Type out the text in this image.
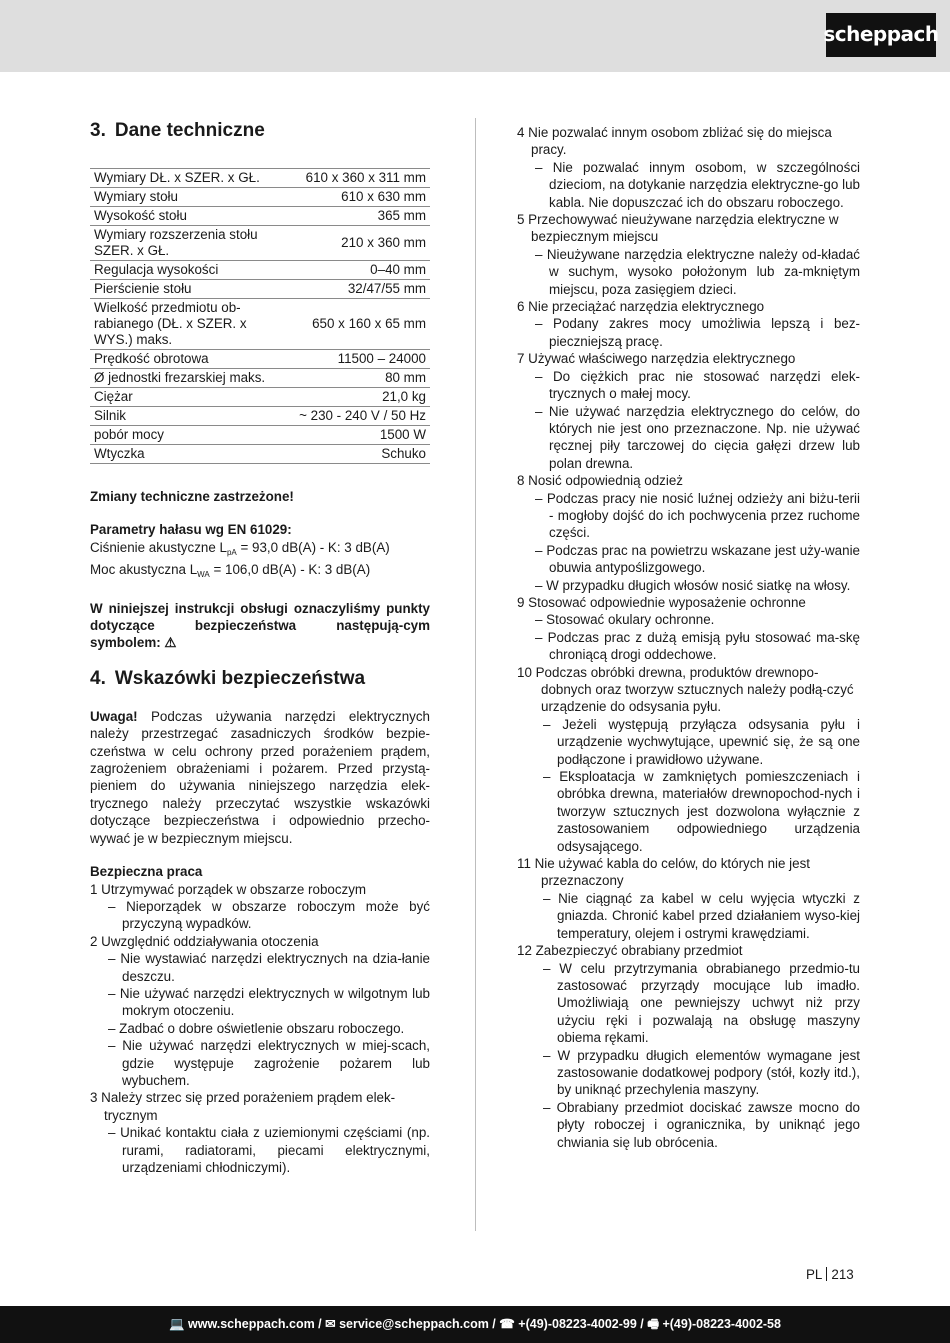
scheppach
3. Dane techniczne
Wymiary DŁ. x SZER. x GŁ.	610 x 360 x 311 mm
Wymiary stołu	610 x 630 mm
Wysokość stołu	365 mm
Wymiary rozszerzenia stołu SZER. x GŁ.	210 x 360 mm
Regulacja wysokości	0–40 mm
Pierścienie stołu	32/47/55 mm
Wielkość przedmiotu ob-rabianego (DŁ. x SZER. x WYS.) maks.	650 x 160 x 65 mm
Prędkość obrotowa	11500 – 24000
Ø jednostki frezarskiej maks.	80 mm
Ciężar	21,0 kg
Silnik	~ 230 - 240 V / 50 Hz
pobór mocy	1500 W
Wtyczka	Schuko

Zmiany techniczne zastrzeżone!

Parametry hałasu wg EN 61029:

Ciśnienie akustyczne $L_{pA} = 93,0$ dB(A) - K: 3 dB(A)

Moc akustyczna $L_{WA} = 106,0$ dB(A) - K: 3 dB(A)

W niniejszej instrukcji obsługi oznaczyliśmy punkty dotyczące bezpieczeństwa następują-cym symbolem: ⚠

4. Wskazówki bezpieczeństwa

Uwaga! Podczas używania narzędzi elektrycznych należy przestrzegać zasadniczych środków bezpie-czeństwa w celu ochrony przed porażeniem prądem, zagrożeniem obrażeniami i pożarem. Przed przystą-pieniem do używania niniejszego narzędzia elek-trycznego należy przeczytać wszystkie wskazówki dotyczące bezpieczeństwa i odpowiednio przecho-wywać je w bezpiecznym miejscu.

Bezpieczna praca

1 Utrzymywać porządek w obszarze roboczym
– Nieporządek w obszarze roboczym może być przyczyną wypadków.
2 Uwzględnić oddziaływania otoczenia
– Nie wystawiać narzędzi elektrycznych na dzia-łanie deszczu.
– Nie używać narzędzi elektrycznych w wilgotnym lub mokrym otoczeniu.
– Zadbać o dobre oświetlenie obszaru roboczego.
– Nie używać narzędzi elektrycznych w miej-scach, gdzie występuje zagrożenie pożarem lub wybuchem.
3 Należy strzec się przed porażeniem prądem elek-trycznym
– Unikać kontaktu ciała z uziemionymi częściami (np. rurami, radiatorami, piecami elektrycznymi, urządzeniami chłodniczymi).
4 Nie pozwalać innym osobom zbliżać się do miejsca pracy.
– Nie pozwalać innym osobom, w szczególności dzieciom, na dotykanie narzędzia elektryczne-go lub kabla. Nie dopuszczać ich do obszaru roboczego.
5 Przechowywać nieużywane narzędzia elektryczne w bezpiecznym miejscu
– Nieużywane narzędzia elektryczne należy od-kładać w suchym, wysoko położonym lub za-mkniętym miejscu, poza zasięgiem dzieci.
6 Nie przeciążać narzędzia elektrycznego
– Podany zakres mocy umożliwia lepszą i bez-pieczniejszą pracę.
7 Używać właściwego narzędzia elektrycznego
– Do ciężkich prac nie stosować narzędzi elek-trycznych o małej mocy.
– Nie używać narzędzia elektrycznego do celów, do których nie jest ono przeznaczone. Np. nie używać ręcznej piły tarczowej do cięcia gałęzi drzew lub polan drewna.
8 Nosić odpowiednią odzież
– Podczas pracy nie nosić luźnej odzieży ani biżu-terii - mogłoby dojść do ich pochwycenia przez ruchome części.
– Podczas prac na powietrzu wskazane jest uży-wanie obuwia antypoślizgowego.
– W przypadku długich włosów nosić siatkę na włosy.
9 Stosować odpowiednie wyposażenie ochronne
– Stosować okulary ochronne.
– Podczas prac z dużą emisją pyłu stosować ma-skę chroniącą drogi oddechowe.
10 Podczas obróbki drewna, produktów drewnopo-dobnych oraz tworzyw sztucznych należy podłą-czyć urządzenie do odsysania pyłu.
– Jeżeli występują przyłącza odsysania pyłu i urządzenie wychwytujące, upewnić się, że są one podłączone i prawidłowo używane.
– Eksploatacja w zamkniętych pomieszczeniach i obróbka drewna, materiałów drewnopochod-nych i tworzyw sztucznych jest dozwolona wyłącznie z zastosowaniem odpowiedniego urządzenia odsysającego.
11 Nie używać kabla do celów, do których nie jest przeznaczony
– Nie ciągnąć za kabel w celu wyjęcia wtyczki z gniazda. Chronić kabel przed działaniem wyso-kiej temperatury, olejem i ostrymi krawędziami.
12 Zabezpieczyć obrabiany przedmiot
– W celu przytrzymania obrabianego przedmio-tu zastosować przyrządy mocujące lub imadło. Umożliwiają one pewniejszy uchwyt niż przy użyciu ręki i pozwalają na obsługę maszyny obiema rękami.
– W przypadku długich elementów wymagane jest zastosowanie dodatkowej podpory (stół, kozły itd.), by uniknąć przechylenia maszyny.
– Obrabiany przedmiot dociskać zawsze mocno do płyty roboczej i ogranicznika, by uniknąć jego chwiania się lub obrócenia.
PL 213
💻 www.scheppach.com / ✉ service@scheppach.com / ☎ +(49)-08223-4002-99 / 🖷 +(49)-08223-4002-58
